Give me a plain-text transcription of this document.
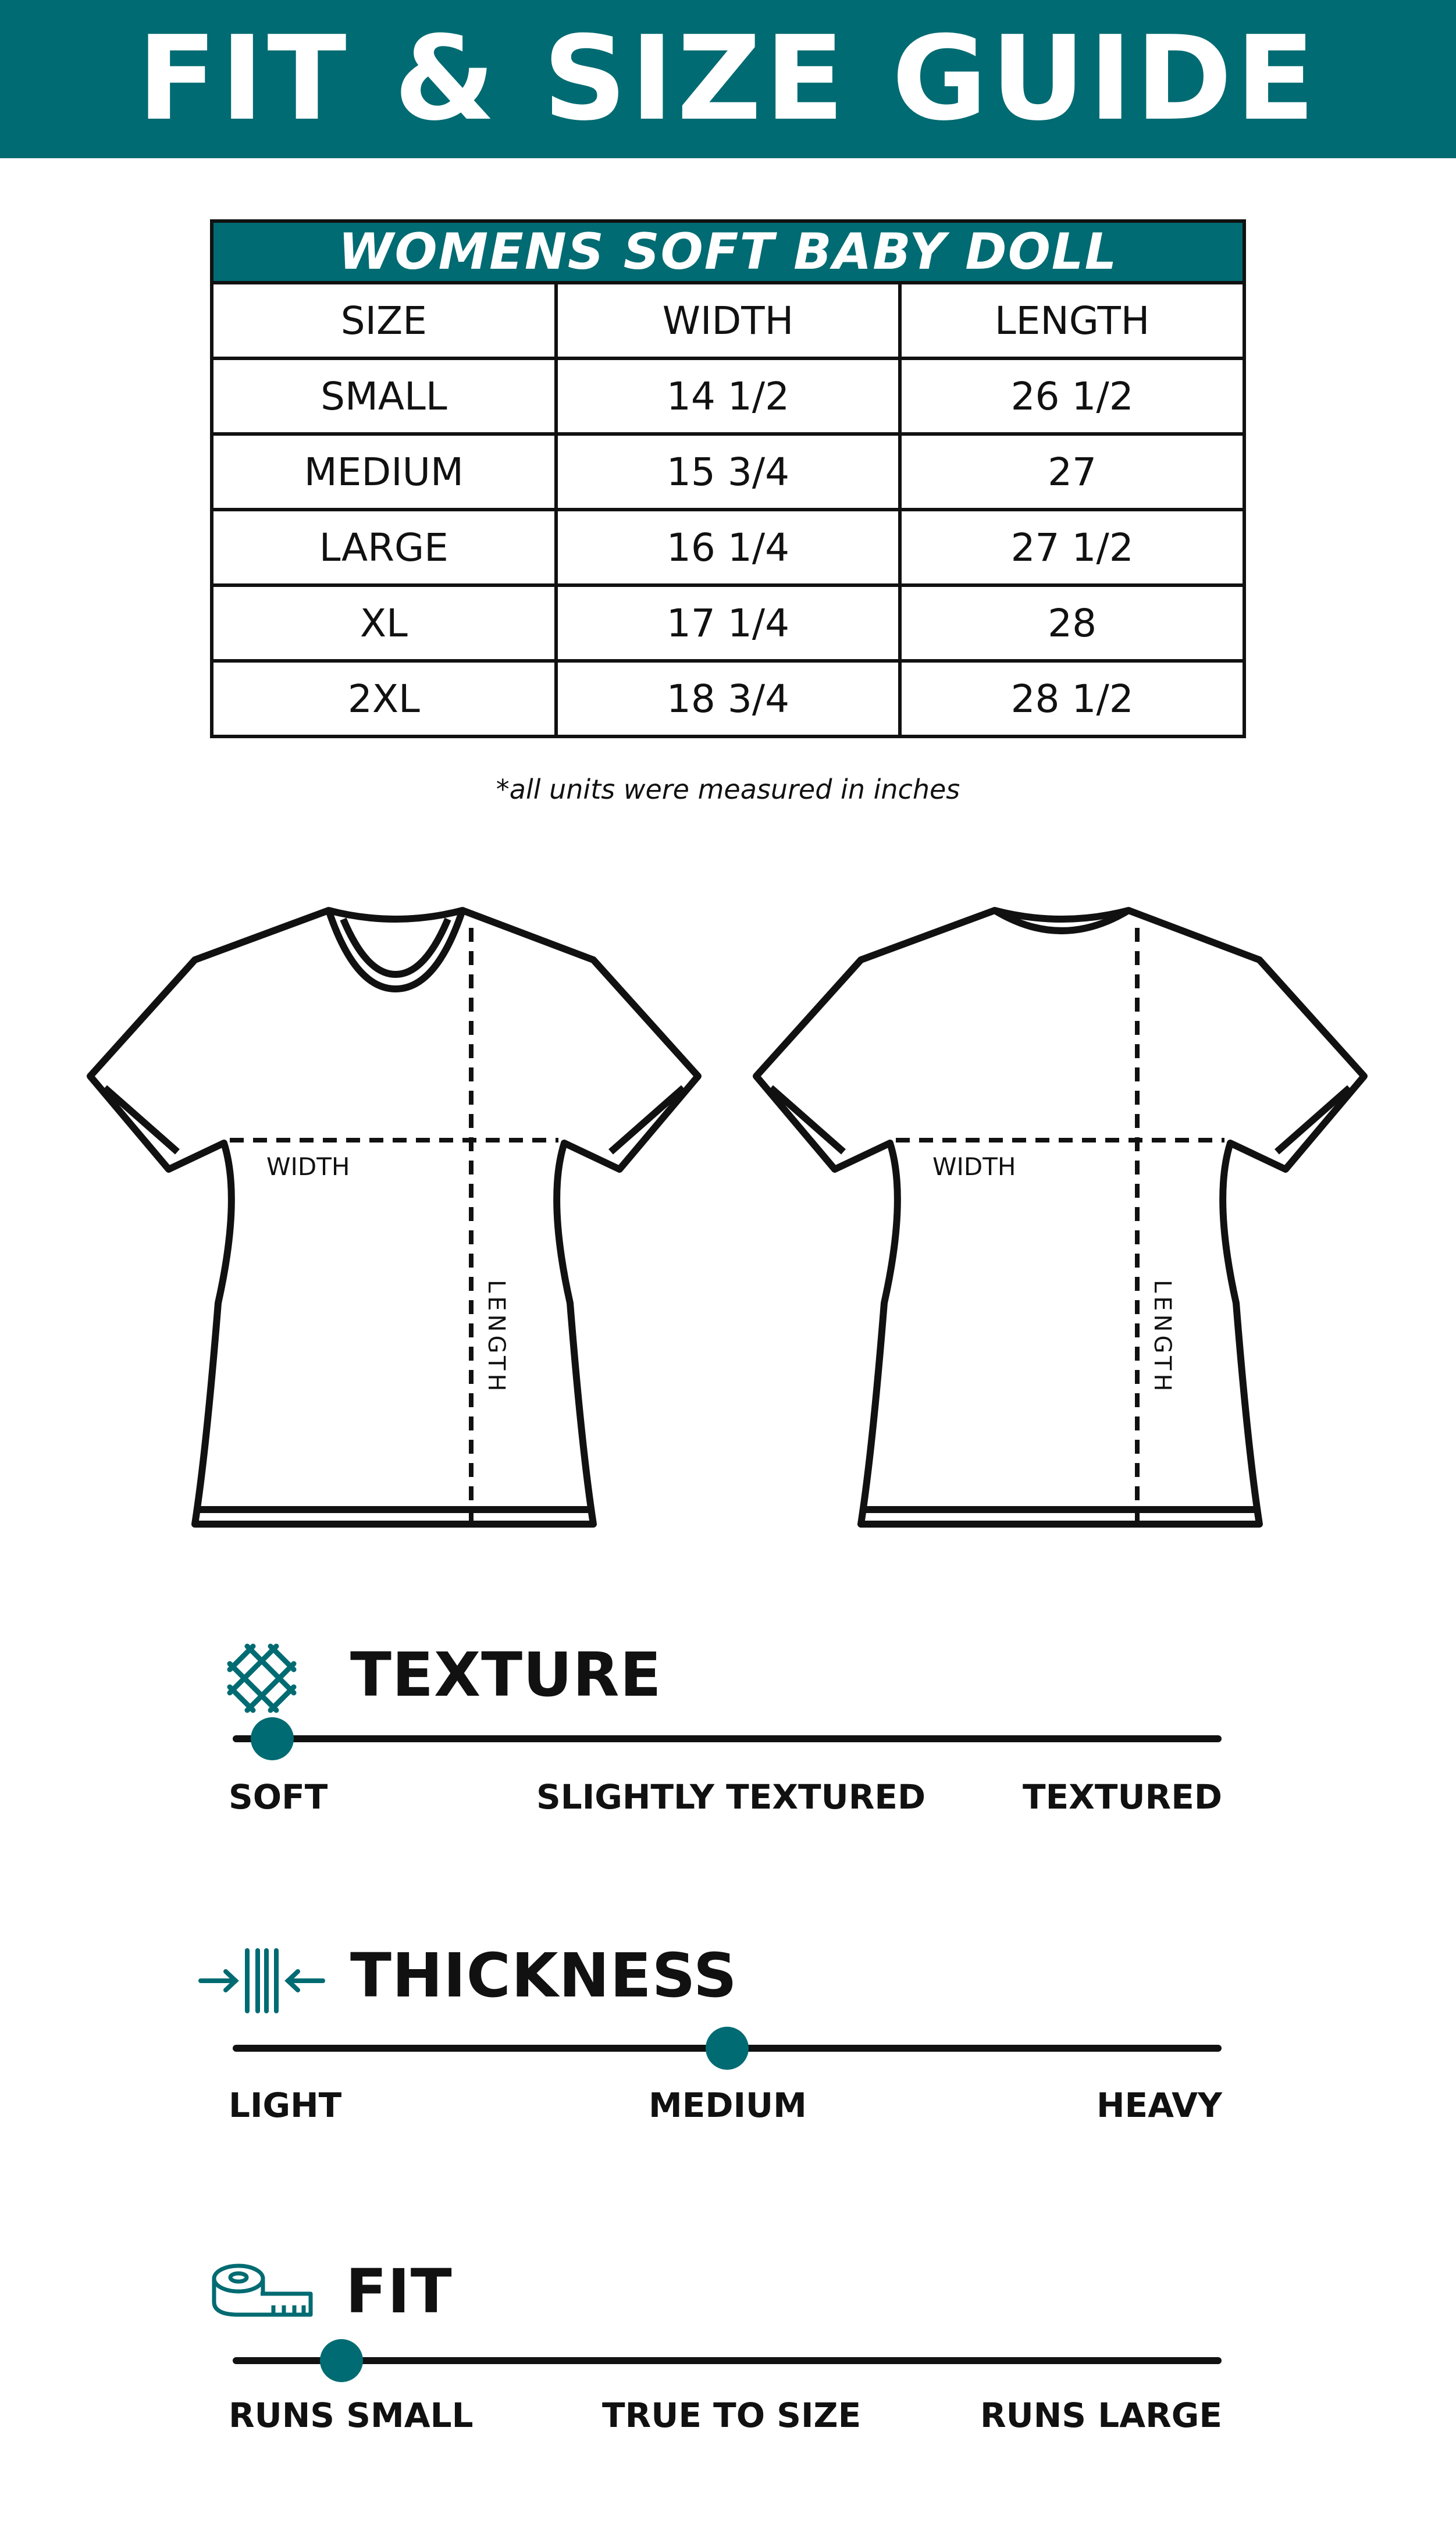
FIT & SIZE GUIDE
WOMENS SOFT BABY DOLL		
SIZE	WIDTH	LENGTH
SMALL	14 1/2	26 1/2
MEDIUM	15 3/4	27
LARGE	16 1/4	27 1/2
XL	17 1/4	28
2XL	18 3/4	28 1/2
*all units were measured in inches
WIDTH
LENGTH
WIDTH
LENGTH
TEXTURE
SOFT	SLIGHTLY TEXTURED	TEXTURED
THICKNESS
LIGHT	MEDIUM	HEAVY
FIT
RUNS SMALL	TRUE TO SIZE	RUNS LARGE
